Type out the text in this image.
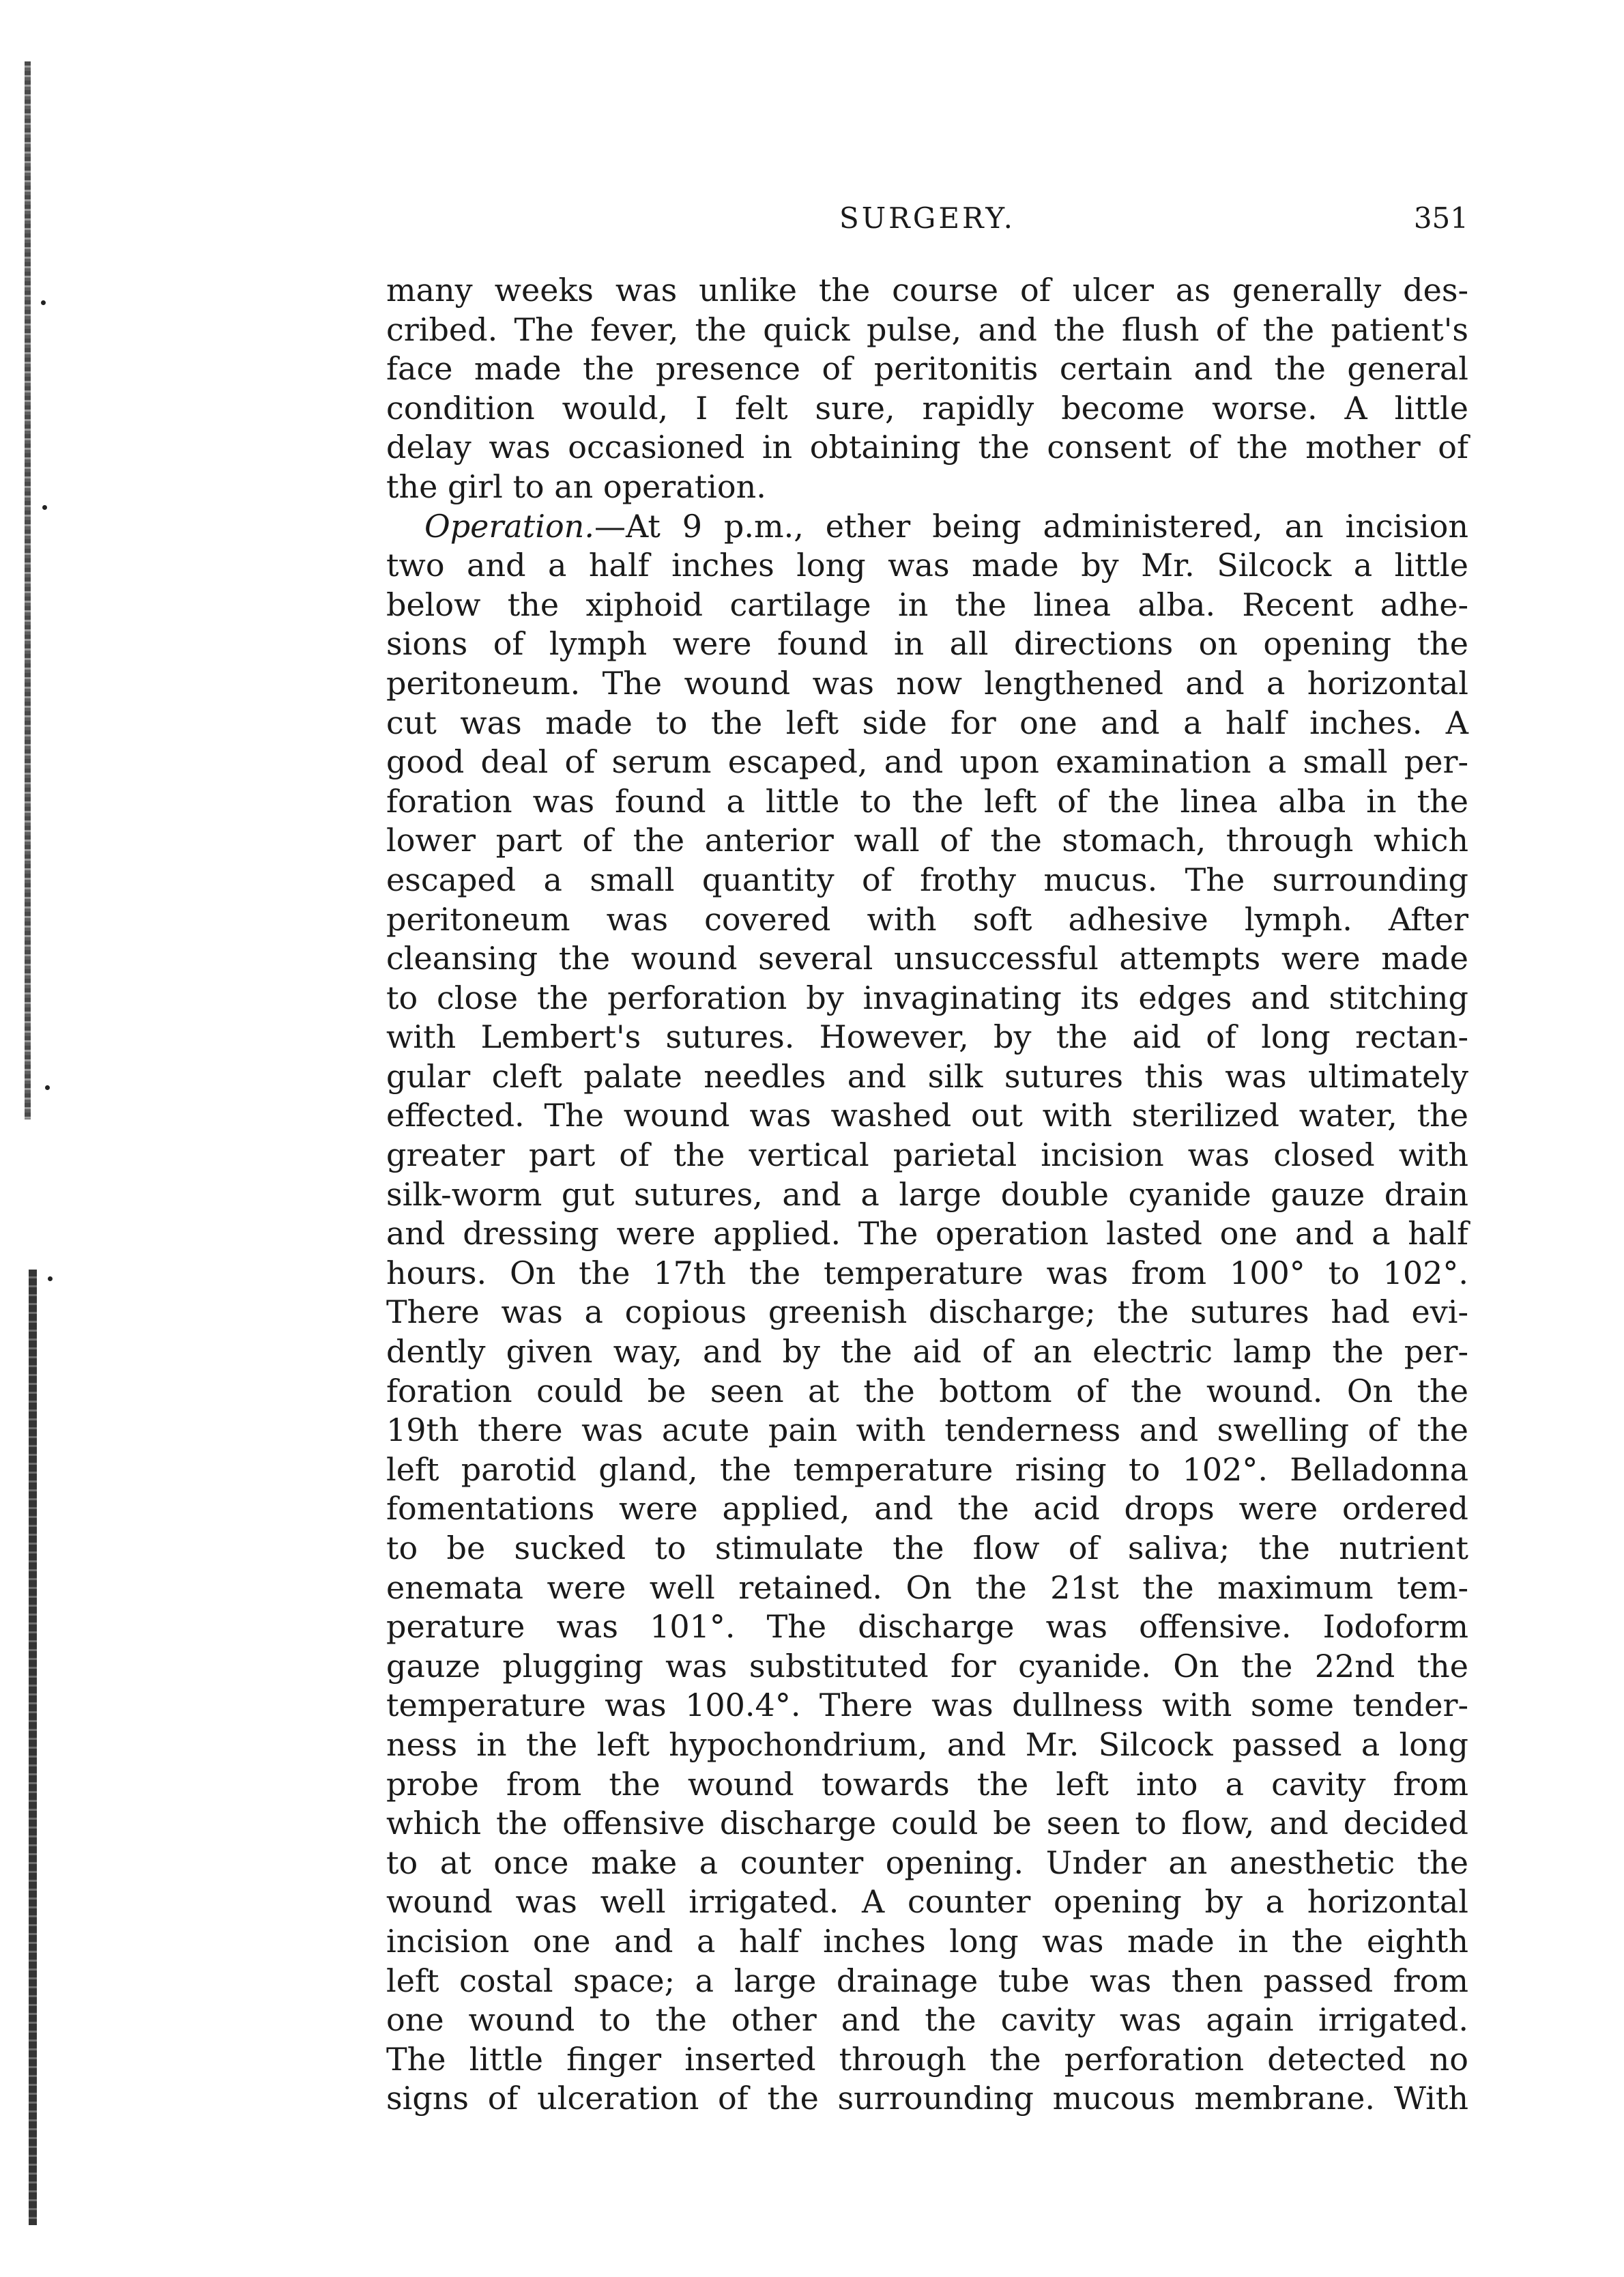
SURGERY.	351
many weeks was unlike the course of ulcer as generally des-
cribed. The fever, the quick pulse, and the flush of the patient's
face made the presence of peritonitis certain and the general
condition would, I felt sure, rapidly become worse. A little
delay was occasioned in obtaining the consent of the mother of
the girl to an operation.
Operation.—At 9 p.m., ether being administered, an incision
two and a half inches long was made by Mr. Silcock a little
below the xiphoid cartilage in the linea alba. Recent adhe-
sions of lymph were found in all directions on opening the
peritoneum. The wound was now lengthened and a horizontal
cut was made to the left side for one and a half inches. A
good deal of serum escaped, and upon examination a small per-
foration was found a little to the left of the linea alba in the
lower part of the anterior wall of the stomach, through which
escaped a small quantity of frothy mucus. The surrounding
peritoneum was covered with soft adhesive lymph. After
cleansing the wound several unsuccessful attempts were made
to close the perforation by invaginating its edges and stitching
with Lembert's sutures. However, by the aid of long rectan-
gular cleft palate needles and silk sutures this was ultimately
effected. The wound was washed out with sterilized water, the
greater part of the vertical parietal incision was closed with
silk-worm gut sutures, and a large double cyanide gauze drain
and dressing were applied. The operation lasted one and a half
hours. On the 17th the temperature was from 100° to 102°.
There was a copious greenish discharge; the sutures had evi-
dently given way, and by the aid of an electric lamp the per-
foration could be seen at the bottom of the wound. On the
19th there was acute pain with tenderness and swelling of the
left parotid gland, the temperature rising to 102°. Belladonna
fomentations were applied, and the acid drops were ordered
to be sucked to stimulate the flow of saliva; the nutrient
enemata were well retained. On the 21st the maximum tem-
perature was 101°. The discharge was offensive. Iodoform
gauze plugging was substituted for cyanide. On the 22nd the
temperature was 100.4°. There was dullness with some tender-
ness in the left hypochondrium, and Mr. Silcock passed a long
probe from the wound towards the left into a cavity from
which the offensive discharge could be seen to flow, and decided
to at once make a counter opening. Under an anesthetic the
wound was well irrigated. A counter opening by a horizontal
incision one and a half inches long was made in the eighth
left costal space; a large drainage tube was then passed from
one wound to the other and the cavity was again irrigated.
The little finger inserted through the perforation detected no
signs of ulceration of the surrounding mucous membrane. With
